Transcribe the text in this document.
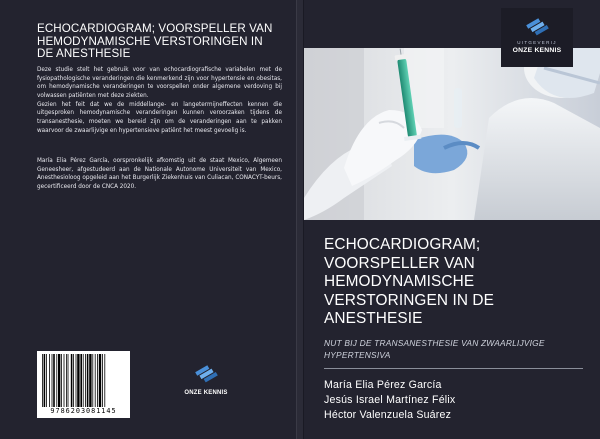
ECHOCARDIOGRAM; VOORSPELLER VAN HEMODYNAMISCHE VERSTORINGEN IN DE ANESTHESIE

Deze studie stelt het gebruik voor van echocardiografische variabelen met de fysiopathologische veranderingen die kenmerkend zijn voor hypertensie en obesitas, om hemodynamische veranderingen te voorspellen onder algemene verdoving bij volwassen patiënten met deze ziekten.

Gezien het feit dat we de middellange- en langetermijneffecten kennen die uitgesproken hemodynamische veranderingen kunnen veroorzaken tijdens de transanesthesie, moeten we bereid zijn om de veranderingen aan te pakken waarvoor de zwaarlijvige en hypertensieve patiënt het meest gevoelig is.

María Elia Pérez García, oorspronkelijk afkomstig uit de staat Mexico, Algemeen Geneesheer, afgestudeerd aan de Nationale Autonome Universiteit van Mexico, Anesthesioloog opgeleid aan het Burgerlijk Ziekenhuis van Culiacan, CONACYT-beurs, gecertificeerd door de CNCA 2020.
9786203081145
ONZE KENNIS
UITGEVERIJ
ONZE KENNIS
ECHOCARDIOGRAM; VOORSPELLER VAN HEMODYNAMISCHE VERSTORINGEN IN DE ANESTHESIE
NUT BIJ DE TRANSANESTHESIE VAN ZWAARLIJVIGE HYPERTENSIVA
María Elia Pérez García
Jesús Israel Martínez Félix
Héctor Valenzuela Suárez
